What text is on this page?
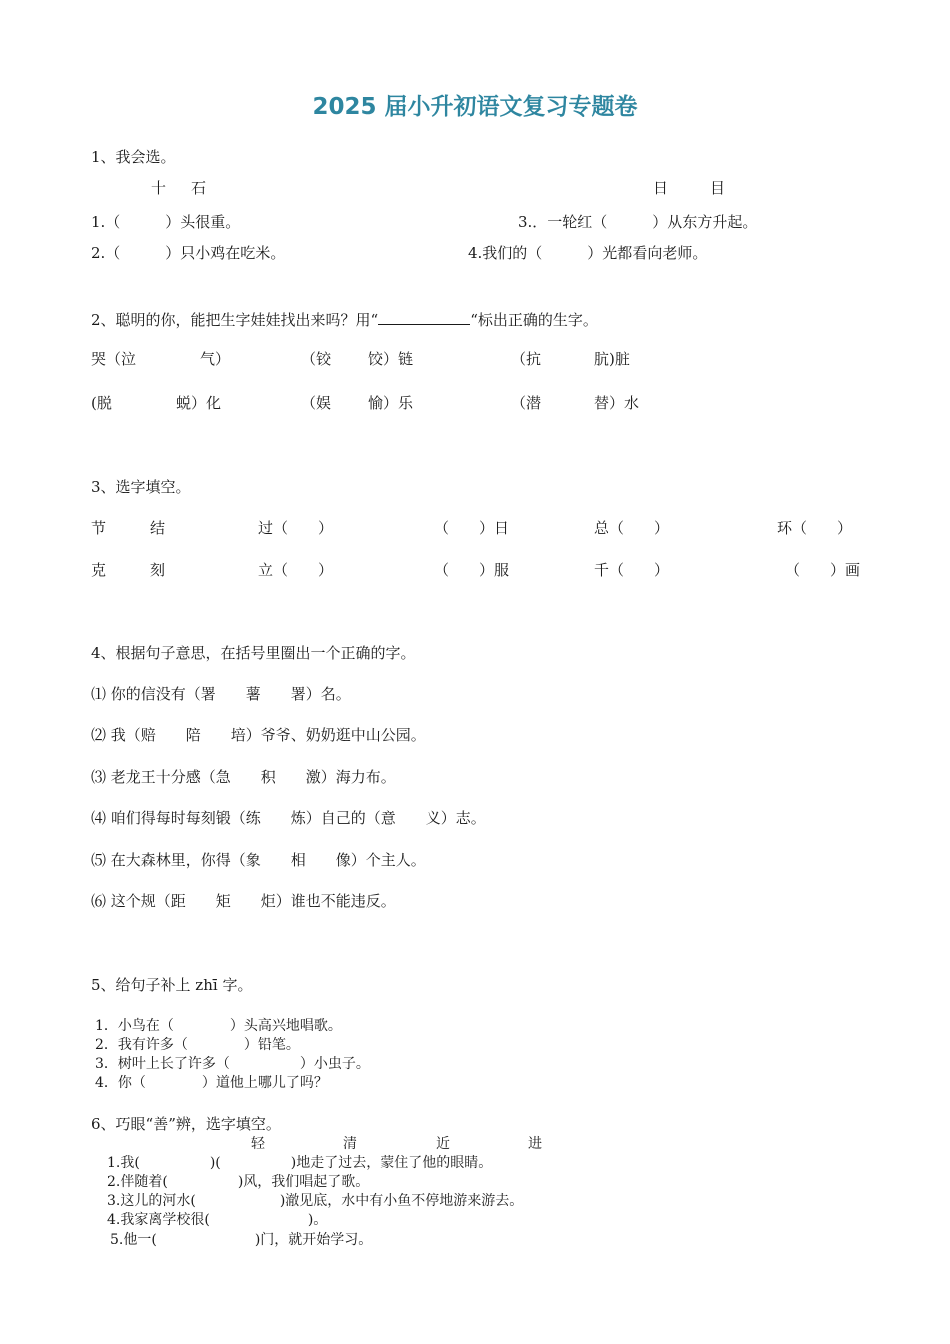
2025 届小升初语文复习专题卷
1、我会选。
十 石	日	目
1.（　　　）头很重。	3.．一轮红（　　　）从东方升起。
2.（　　　）只小鸡在吃米。	4.我们的（　　　）光都看向老师。
2、聪明的你，能把生字娃娃找出来吗？用“	“标出正确的生字。
哭（泣	气）	（铰 饺）链	（抗	肮)脏
(脱	蜕）化	（娱 愉）乐	（潜	替）水
3、选字填空。
节	结	过（　　）	（　　）日	总（　　）	环（　　）
克	刻	立（　　）	（　　）服	千（　　）	（　　）画
4、根据句子意思，在括号里圈出一个正确的字。
⑴ 你的信没有（署　　薯　　署）名。
⑵ 我（赔　　陪　　培）爷爷、奶奶逛中山公园。
⑶ 老龙王十分感（急　　积　　激）海力布。
⑷ 咱们得每时每刻锻（练　　炼）自己的（意　　义）志。
⑸ 在大森林里，你得（象　　相　　像）个主人。
⑹ 这个规（距　　矩　　炬）谁也不能违反。
5、给句子补上 zhī 字。
1．小鸟在（　　　　）头高兴地唱歌。
2．我有许多（　　　　）铅笔。
3．树叶上长了许多（　　　　　）小虫子。
4．你（　　　　）道他上哪儿了吗？
6、巧眼“善”辨，选字填空。
轻	清	近	进
1.我(　　　　　)(　　　　　)地走了过去，蒙住了他的眼睛。
2.伴随着(　　　　　)风，我们唱起了歌。
3.这儿的河水(　　　　　　)澈见底，水中有小鱼不停地游来游去。
4.我家离学校很(　　　　　　　)。
5.他一(　　　　　　　)门，就开始学习。
